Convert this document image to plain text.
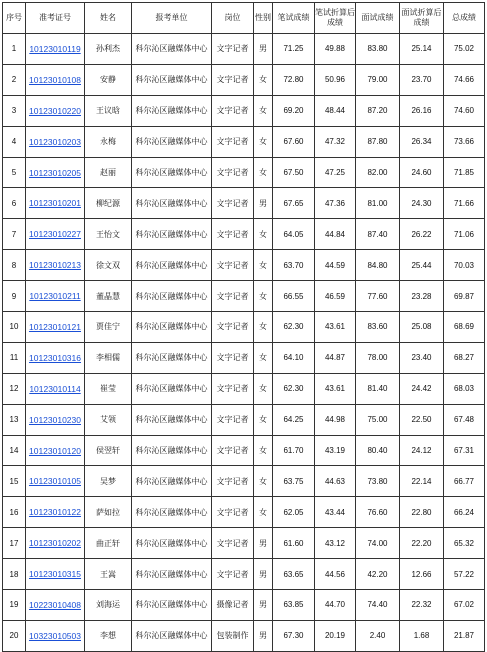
序号	准考证号	姓名	报考单位	岗位	性别	笔试成绩	笔试折算后成绩	面试成绩	面试折算后成绩	总成绩
1	10123010119	孙利杰	科尔沁区融媒体中心	文字记者	男	71.25	49.88	83.80	25.14	75.02
2	10123010108	安静	科尔沁区融媒体中心	文字记者	女	72.80	50.96	79.00	23.70	74.66
3	10123010220	王议晗	科尔沁区融媒体中心	文字记者	女	69.20	48.44	87.20	26.16	74.60
4	10123010203	永梅	科尔沁区融媒体中心	文字记者	女	67.60	47.32	87.80	26.34	73.66
5	10123010205	赵丽	科尔沁区融媒体中心	文字记者	女	67.50	47.25	82.00	24.60	71.85
6	10123010201	柳纪源	科尔沁区融媒体中心	文字记者	男	67.65	47.36	81.00	24.30	71.66
7	10123010227	王怡文	科尔沁区融媒体中心	文字记者	女	64.05	44.84	87.40	26.22	71.06
8	10123010213	徐文双	科尔沁区融媒体中心	文字记者	女	63.70	44.59	84.80	25.44	70.03
9	10123010211	董晶慧	科尔沁区融媒体中心	文字记者	女	66.55	46.59	77.60	23.28	69.87
10	10123010121	贾佳宁	科尔沁区融媒体中心	文字记者	女	62.30	43.61	83.60	25.08	68.69
11	10123010316	李相儒	科尔沁区融媒体中心	文字记者	女	64.10	44.87	78.00	23.40	68.27
12	10123010114	崔莹	科尔沁区融媒体中心	文字记者	女	62.30	43.61	81.40	24.42	68.03
13	10123010230	艾领	科尔沁区融媒体中心	文字记者	女	64.25	44.98	75.00	22.50	67.48
14	10123010120	侯翌轩	科尔沁区融媒体中心	文字记者	女	61.70	43.19	80.40	24.12	67.31
15	10123010105	吴梦	科尔沁区融媒体中心	文字记者	女	63.75	44.63	73.80	22.14	66.77
16	10123010122	萨如拉	科尔沁区融媒体中心	文字记者	女	62.05	43.44	76.60	22.80	66.24
17	10123010202	曲正轩	科尔沁区融媒体中心	文字记者	男	61.60	43.12	74.00	22.20	65.32
18	10123010315	王嵩	科尔沁区融媒体中心	文字记者	男	63.65	44.56	42.20	12.66	57.22
19	10223010408	刘海运	科尔沁区融媒体中心	摄像记者	男	63.85	44.70	74.40	22.32	67.02
20	10323010503	李想	科尔沁区融媒体中心	包装制作	男	67.30	20.19	2.40	1.68	21.87
